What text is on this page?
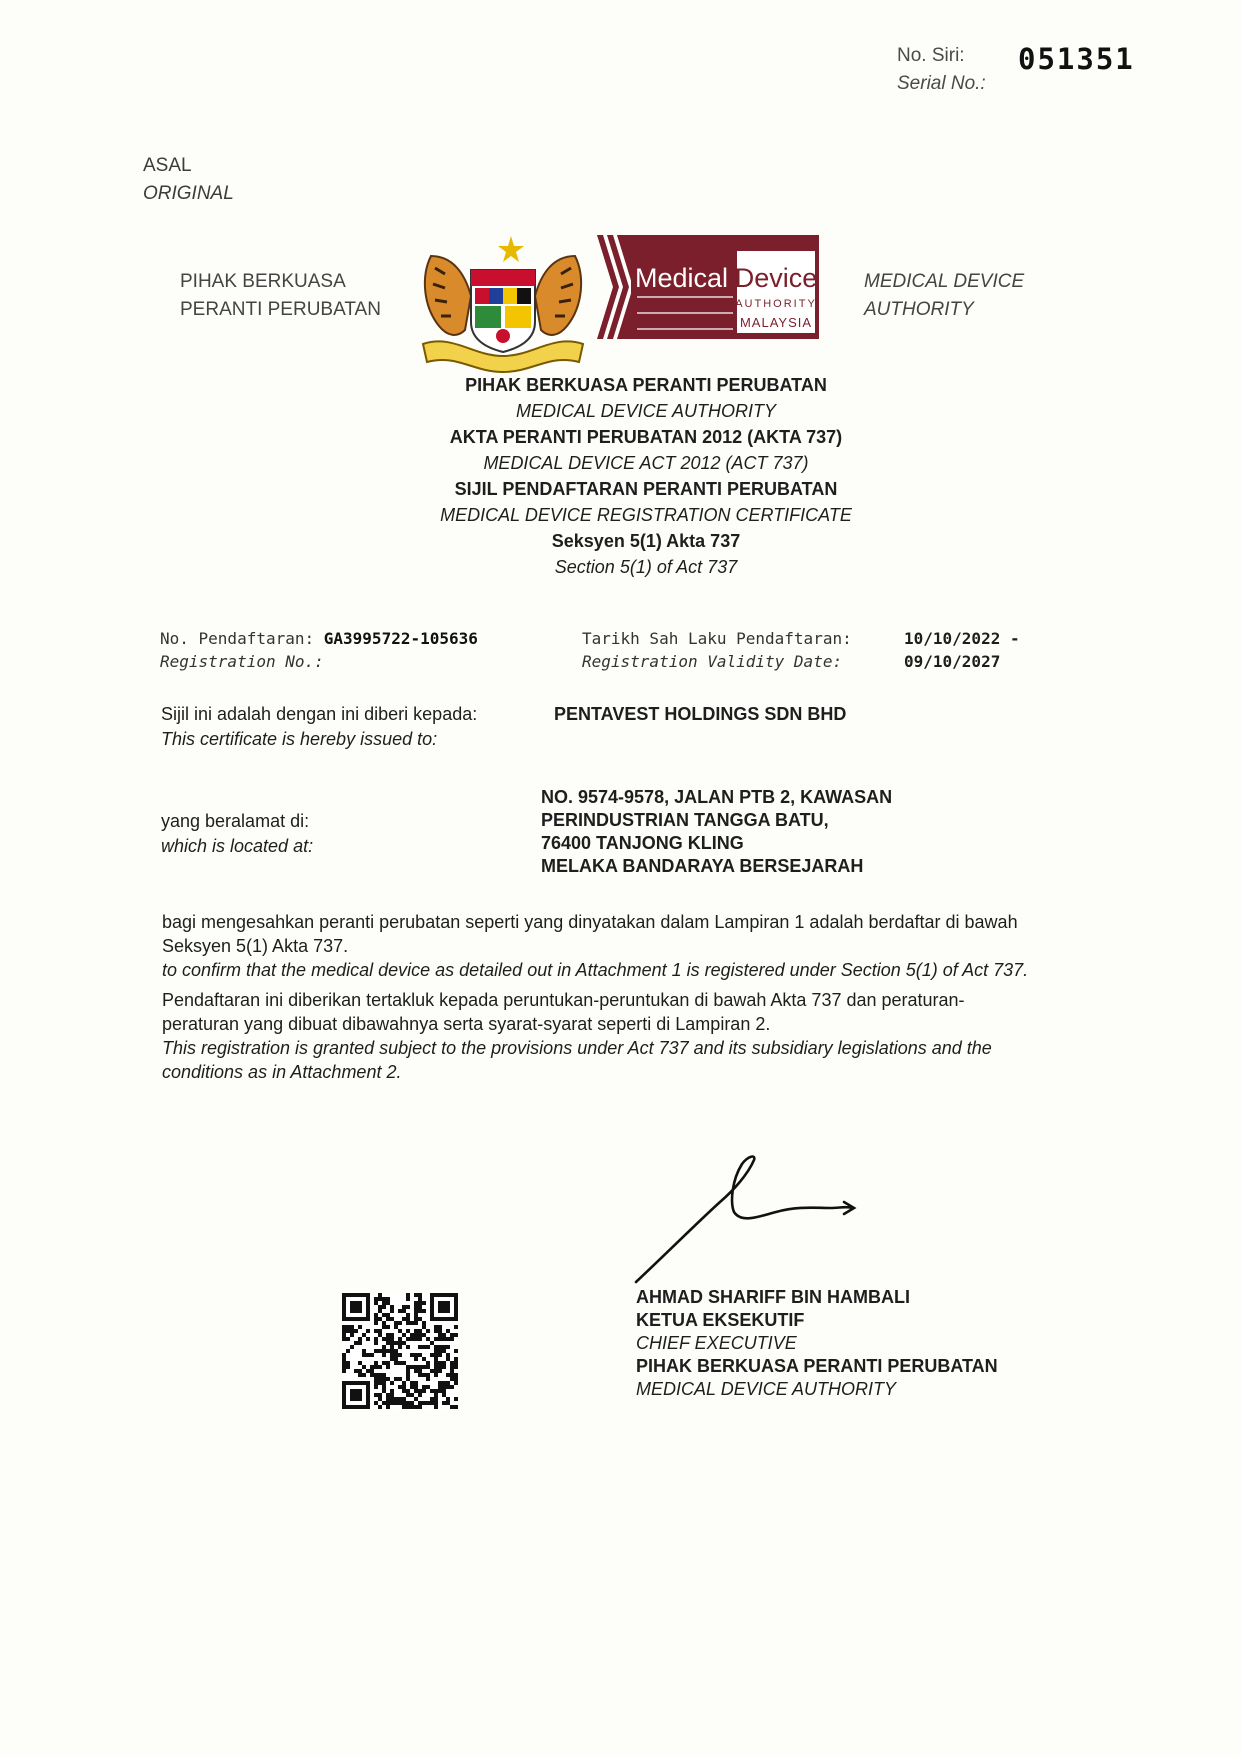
No. Siri:
Serial No.:
051351
ASAL
ORIGINAL
PIHAK BERKUASA
PERANTI PERUBATAN
MEDICAL DEVICE
AUTHORITY
Medical Device
AUTHORITY
MALAYSIA
PIHAK BERKUASA PERANTI PERUBATAN
MEDICAL DEVICE AUTHORITY
AKTA PERANTI PERUBATAN 2012 (AKTA 737)
MEDICAL DEVICE ACT 2012 (ACT 737)
SIJIL PENDAFTARAN PERANTI PERUBATAN
MEDICAL DEVICE REGISTRATION CERTIFICATE
Seksyen 5(1) Akta 737
Section 5(1) of Act 737
No. Pendaftaran: GA3995722-105636
Registration No.:
Tarikh Sah Laku Pendaftaran:
Registration Validity Date:
10/10/2022 -
09/10/2027
Sijil ini adalah dengan ini diberi kepada:
This certificate is hereby issued to:
PENTAVEST HOLDINGS SDN BHD
yang beralamat di:
which is located at:
NO. 9574-9578, JALAN PTB 2, KAWASAN
PERINDUSTRIAN TANGGA BATU,
76400 TANJONG KLING
MELAKA BANDARAYA BERSEJARAH
bagi mengesahkan peranti perubatan seperti yang dinyatakan dalam Lampiran 1 adalah berdaftar di bawah
Seksyen 5(1) Akta 737.
to confirm that the medical device as detailed out in Attachment 1 is registered under Section 5(1) of Act 737.
Pendaftaran ini diberikan tertakluk kepada peruntukan-peruntukan di bawah Akta 737 dan peraturan-
peraturan yang dibuat dibawahnya serta syarat-syarat seperti di Lampiran 2.
This registration is granted subject to the provisions under Act 737 and its subsidiary legislations and the
conditions as in Attachment 2.
AHMAD SHARIFF BIN HAMBALI
KETUA EKSEKUTIF
CHIEF EXECUTIVE
PIHAK BERKUASA PERANTI PERUBATAN
MEDICAL DEVICE AUTHORITY
